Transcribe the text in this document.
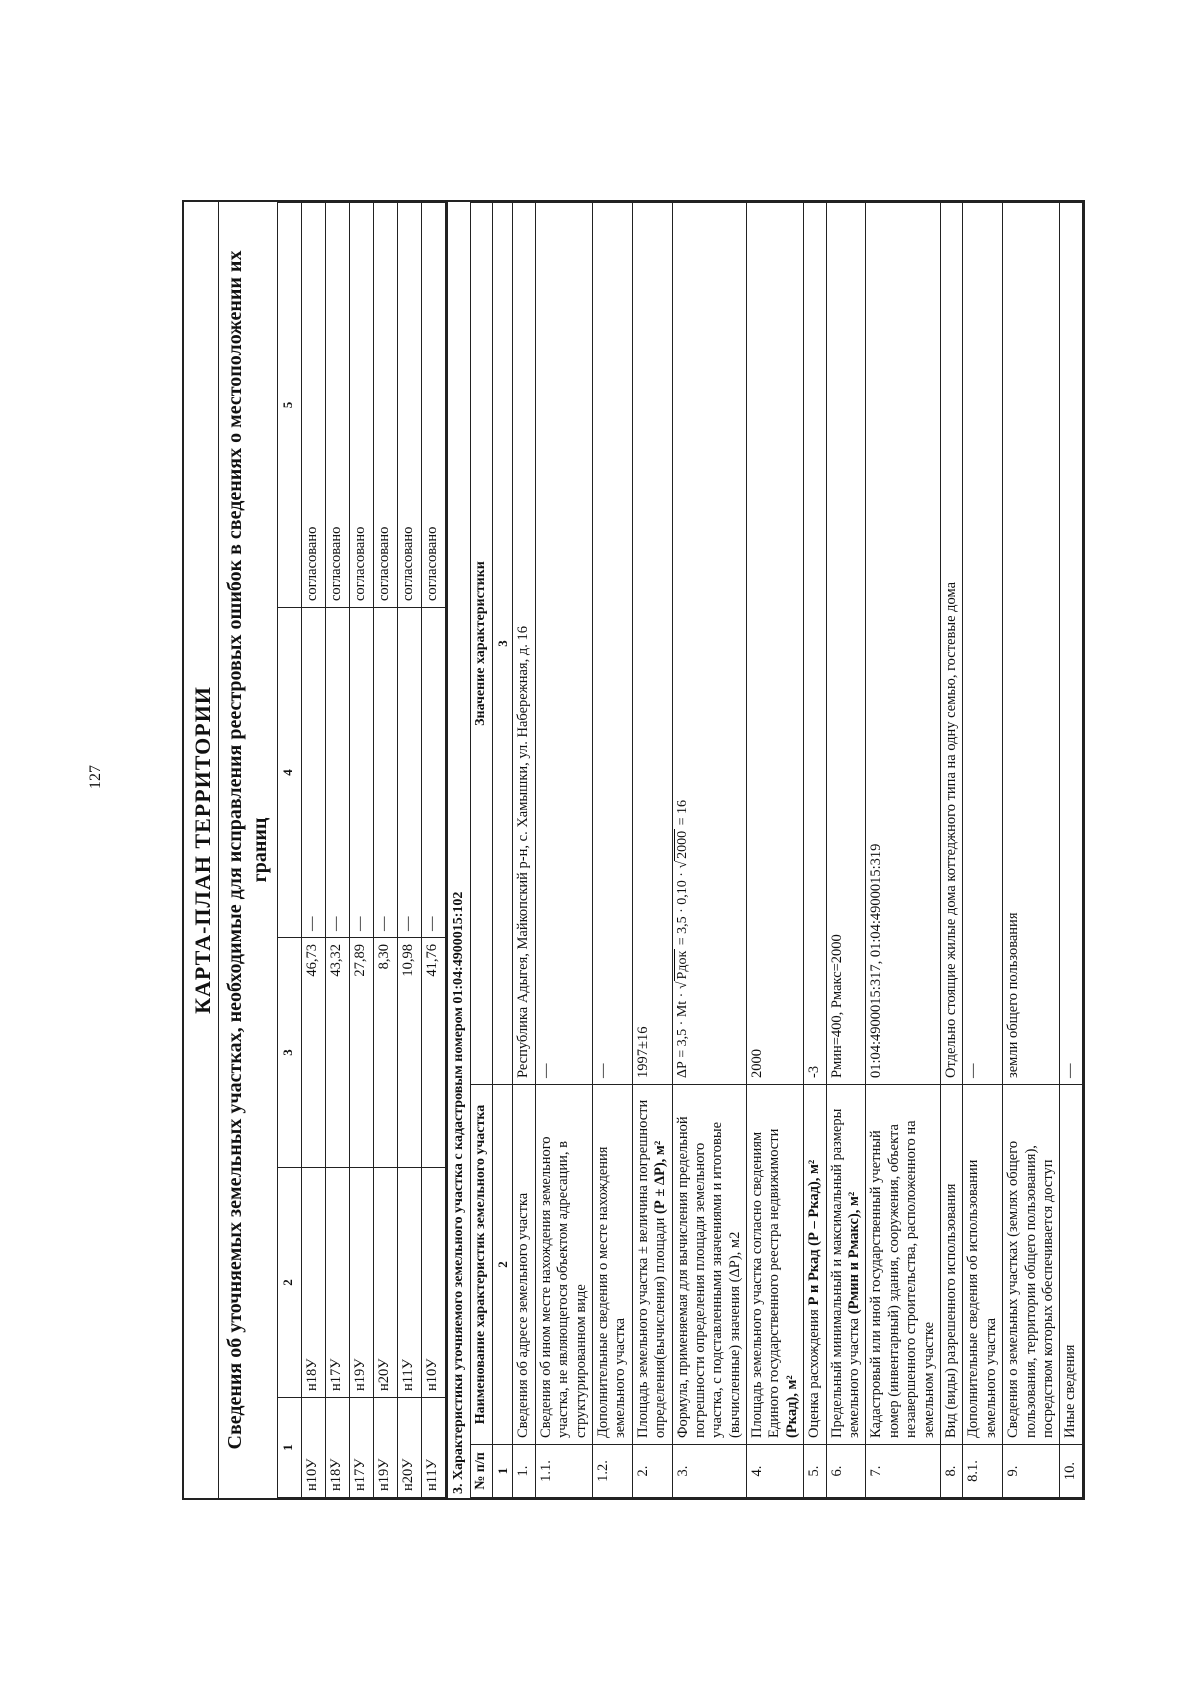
127	КАРТА-ПЛАН ТЕРРИТОРИИ Сведения об уточняемых земельных участках, необходимые для исправления реестровых ошибок в сведениях о местоположении их границ
1	2	3	4	5
н10У	н18У	46,73	—	согласовано
н18У	н17У	43,32	—	согласовано
н17У	н19У	27,89	—	согласовано
н19У	н20У	8,30	—	согласовано
н20У	н11У	10,98	—	согласовано
н11У	н10У	41,76	—	согласовано
3. Характеристики уточняемого земельного участка с кадастровым номером 01:04:4900015:102 № п/п	Наименование характеристик земельного участка	Значение характеристики
1	2	3
1.	Сведения об адресе земельного участка	Республика Адыгея, Майкопский р-н, с. Хамышки, ул. Набережная, д. 16
1.1.	Сведения об ином месте нахождения земельного участка, не являющегося объектом адресации, в структурированном виде	—
1.2.	Дополнительные сведения о месте нахождения земельного участка	—
2.	Площадь земельного участка ± величина погрешности определения(вычисления) площади (Р ± ΔР), м²	1997±16
3.	Формула, применяемая для вычисления предельной погрешности определения площади земельного участка, с подставленными значениями и итоговые (вычисленные) значения (ΔР), м2	ΔР = 3,5 · Mt · √Pдок = 3,5 · 0,10 · √2000 = 16
4.	Площадь земельного участка согласно сведениям Единого государственного реестра недвижимости (Ркад), м²	2000
5.	Оценка расхождения Р и Ркад (Р – Ркад), м²	-3
6.	Предельный минимальный и максимальный размеры земельного участка (Рмин и Рмакс), м²	Рмин=400, Рмакс=2000
7.	Кадастровый или иной государственный учетный номер (инвентарный) здания, сооружения, объекта незавершенного строительства, расположенного на земельном участке	01:04:4900015:317, 01:04:4900015:319
8.	Вид (виды) разрешенного использования	Отдельно стоящие жилые дома коттеджного типа на одну семью, гостевые дома
8.1.	Дополнительные сведения об использовании земельного участка	—
9.	Сведения о земельных участках (землях общего пользования, территории общего пользования), посредством которых обеспечивается доступ	земли общего пользования
10.	Иные сведения	—
